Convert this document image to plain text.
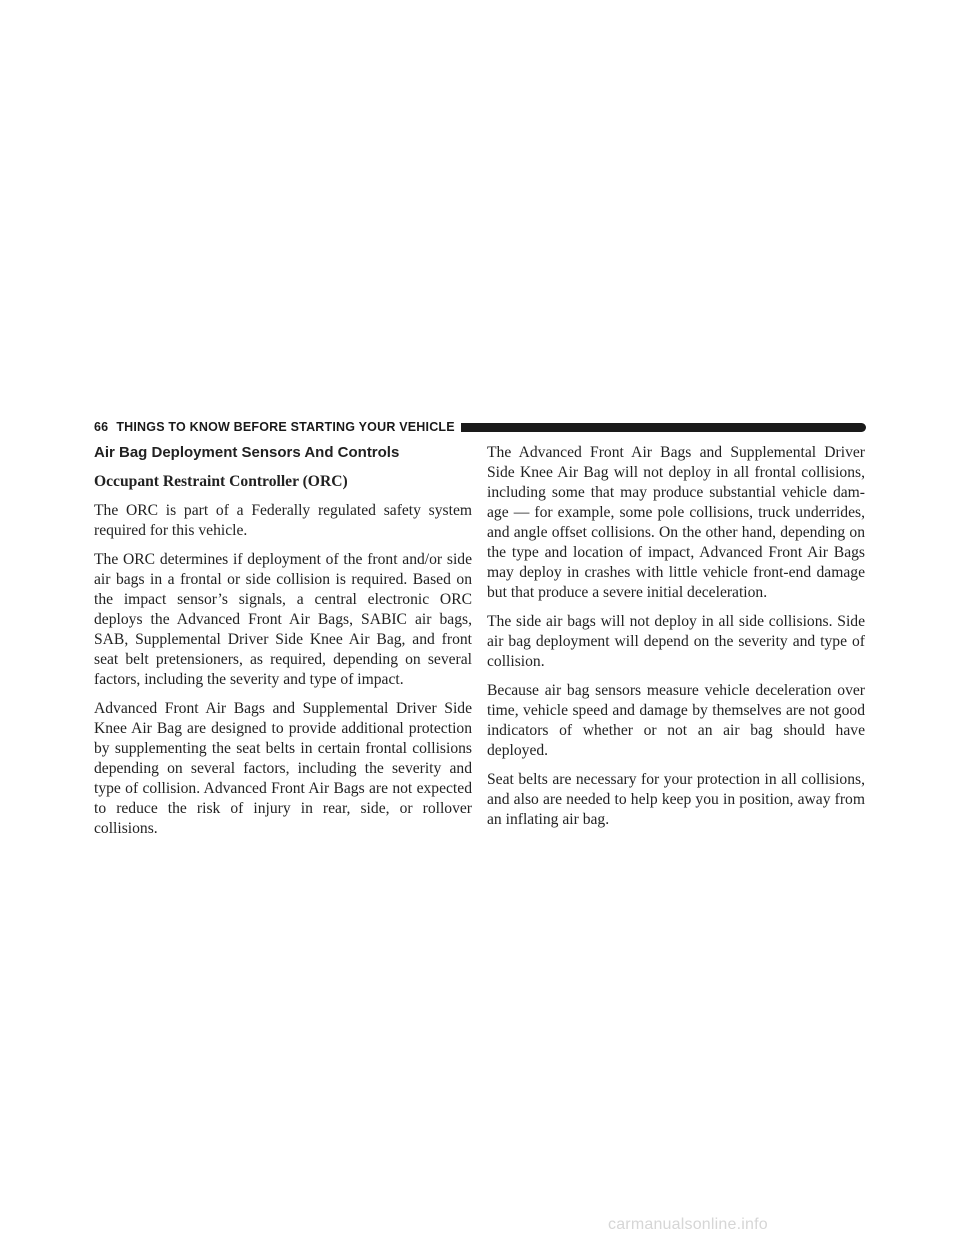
66 THINGS TO KNOW BEFORE STARTING YOUR VEHICLE
Air Bag Deployment Sensors And Controls
Occupant Restraint Controller (ORC)

The ORC is part of a Federally regulated safety system required for this vehicle.

The ORC determines if deployment of the front and/or side air bags in a frontal or side collision is required. Based on the impact sensor’s signals, a central electronic ORC deploys the Advanced Front Air Bags, SABIC air bags, SAB, Supplemental Driver Side Knee Air Bag, and front seat belt pretensioners, as required, depending on several factors, including the severity and type of impact.

Advanced Front Air Bags and Supplemental Driver Side Knee Air Bag are designed to provide additional protection by supplementing the seat belts in certain frontal collisions depending on several factors, including the severity and type of collision. Advanced Front Air Bags are not expected to reduce the risk of injury in rear, side, or rollover collisions.

The Advanced Front Air Bags and Supplemental Driver Side Knee Air Bag will not deploy in all frontal collisions, including some that may produce substantial vehicle damage — for example, some pole collisions, truck underrides, and angle offset collisions. On the other hand, depending on the type and location of impact, Advanced Front Air Bags may deploy in crashes with little vehicle front-end damage but that produce a severe initial deceleration.

The side air bags will not deploy in all side collisions. Side air bag deployment will depend on the severity and type of collision.

Because air bag sensors measure vehicle deceleration over time, vehicle speed and damage by themselves are not good indicators of whether or not an air bag should have deployed.

Seat belts are necessary for your protection in all collisions, and also are needed to help keep you in position, away from an inflating air bag.

carmanualsonline.info
